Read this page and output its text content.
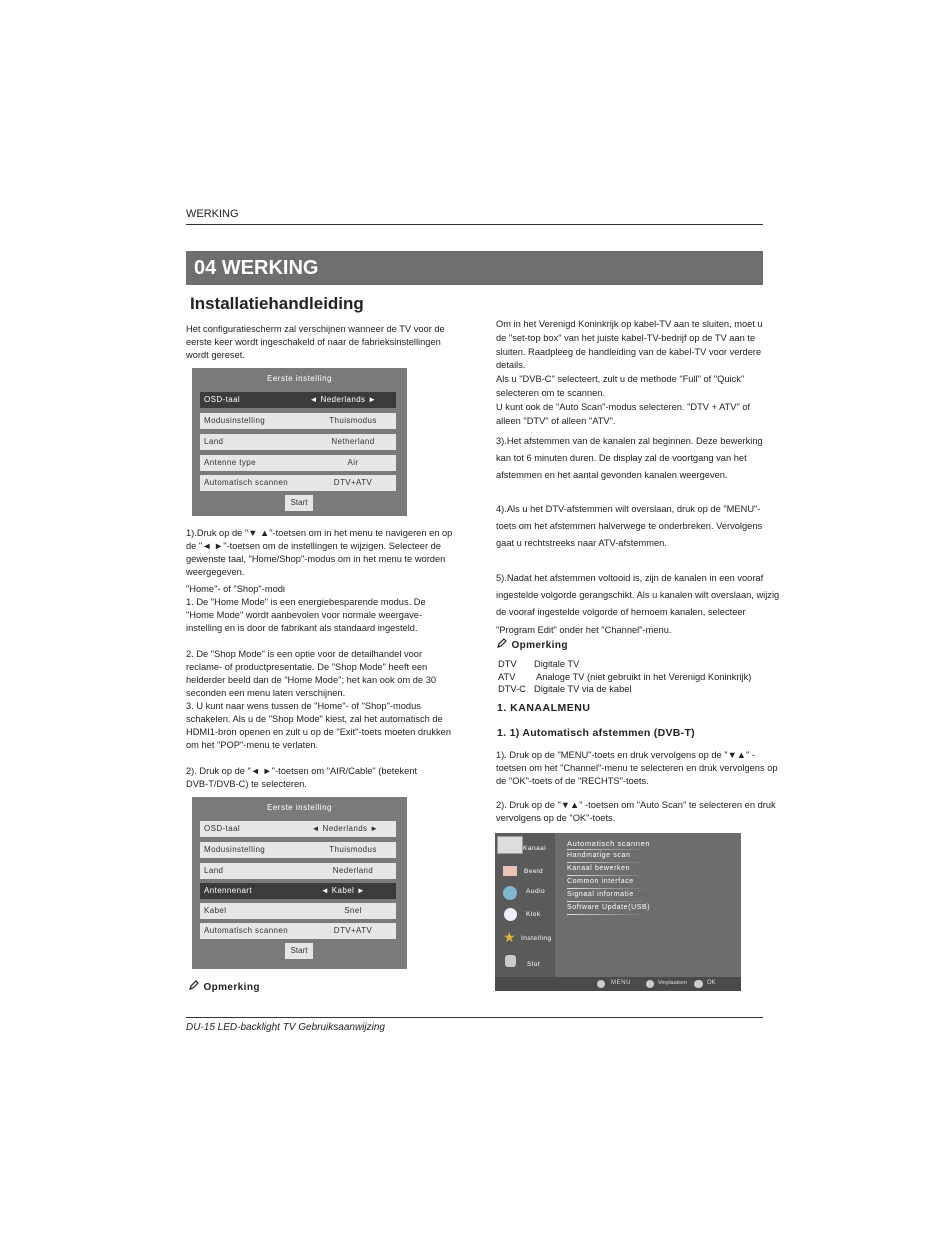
WERKING
04 WERKING
Installatiehandleiding

Het configuratiescherm zal verschijnen wanneer de TV voor de eerste keer wordt ingeschakeld of naar de fabrieksinstellingen wordt gereset.

Eerste instelling
OSD-taal	◄ Nederlands ►
Modusinstelling	Thuismodus
Land	Netherland
Antenne type	Air
Automatisch scannen	DTV+ATV
Start

1).Druk op de "▼ ▲"-toetsen om in het menu te navigeren en op de "◄ ►"-toetsen om de instellingen te wijzigen. Selecteer de gewenste taal, "Home/Shop"-modus om in het menu te worden weergegeven.

"Home"- of "Shop"-modi

1. De "Home Mode" is een energiebesparende modus. De "Home Mode" wordt aanbevolen voor normale weergave-instelling en is door de fabrikant als standaard ingesteld.

2. De "Shop Mode" is een optie voor de detailhandel voor reclame- of productpresentatie. De "Shop Mode" heeft een helderder beeld dan de "Home Mode"; het kan ook om de 30 seconden een menu laten verschijnen.

3. U kunt naar wens tussen de "Home"- of "Shop"-modus schakelen. Als u de "Shop Mode" kiest, zal het automatisch de HDMI1-bron openen en zult u op de "Exit"-toets moeten drukken om het "POP"-menu te verlaten.

2). Druk op de "◄ ►"-toetsen om "AIR/Cable" (betekent DVB-T/DVB-C) te selecteren.

Eerste instelling
OSD-taal	◄ Nederlands ►
Modusinstelling	Thuismodus
Land	Nederland
Antennenart	◄ Kabel ►
Kabel	Snel
Automatisch scannen	DTV+ATV
Start
Opmerking

Om in het Verenigd Koninkrijk op kabel-TV aan te sluiten, moet u de "set-top box" van het juiste kabel-TV-bedrijf op de TV aan te sluiten. Raadpleeg de handleiding van de kabel-TV voor verdere details.

Als u "DVB-C" selecteert, zult u de methode "Full" of "Quick" selecteren om te scannen.

U kunt ook de "Auto Scan"-modus selecteren. "DTV + ATV" of alleen "DTV" of alleen "ATV".

3).Het afstemmen van de kanalen zal beginnen. Deze bewerking kan tot 6 minuten duren. De display zal de voortgang van het afstemmen en het aantal gevonden kanalen weergeven.

4).Als u het DTV-afstemmen wilt overslaan, druk op de "MENU"-toets om het afstemmen halverwege te onderbreken. Vervolgens gaat u rechtstreeks naar ATV-afstemmen.

5).Nadat het afstemmen voltooid is, zijn de kanalen in een vooraf ingestelde volgorde gerangschikt. Als u kanalen wilt overslaan, wijzig de vooraf ingestelde volgorde of hernoem kanalen, selecteer "Program Edit" onder het "Channel"-menu.

Opmerking
DTV Digitale TV
ATV Analoge TV (niet gebruikt in het Verenigd Koninkrijk)
DTV-C Digitale TV via de kabel
1. KANAALMENU
1. 1) Automatisch afstemmen (DVB-T)

1). Druk op de "MENU"-toets en druk vervolgens op de "▼▲" -toetsen om het "Channel"-menu te selecteren en druk vervolgens op de "OK"-toets of de "RECHTS"-toets.

2). Druk op de "▼▲" -toetsen om "Auto Scan" te selecteren en druk vervolgens op de "OK"-toets.

Kanaal
Beeld
Audio
Klok
★ Instelling
Slot
Automatisch scannen
Handmatige scan
Kanaal bewerken
Common interface
Signaal informatie
Software Update(USB)
MENU	Verplaatsen	OK
DU-15 LED-backlight TV Gebruiksaanwijzing
